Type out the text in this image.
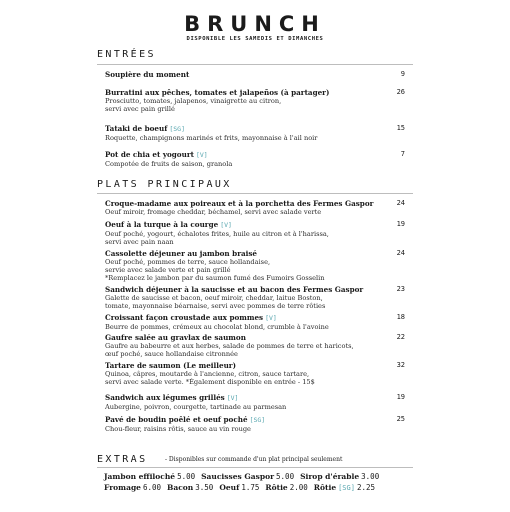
BRUNCH
DISPONIBLE LES SAMEDIS ET DIMANCHES
ENTRÉES
Soupière du moment	9
Burratini aux pêches, tomates et jalapeños (à partager)
Prosciutto, tomates, jalapenos, vinaigrette au citron,
servi avec pain grillé
26
Tataki de boeuf [SG]
Roquette, champignons marinés et frits, mayonnaise à l'ail noir
15
Pot de chia et yogourt [V]
Compotée de fruits de saison, granola
7
PLATS PRINCIPAUX
Croque-madame aux poireaux et à la porchetta des Fermes Gaspor
Oeuf miroir, fromage cheddar, béchamel, servi avec salade verte
24
Oeuf à la turque à la courge [V]
Oeuf poché, yogourt, échalotes frites, huile au citron et à l'harissa,
servi avec pain naan
19
Cassolette déjeuner au jambon braisé
Oeuf poché, pommes de terre, sauce hollandaise,
servie avec salade verte et pain grillé
*Remplacez le jambon par du saumon fumé des Fumoirs Gosselin
24
Sandwich déjeuner à la saucisse et au bacon des Fermes Gaspor
Galette de saucisse et bacon, oeuf miroir, cheddar, laitue Boston,
tomate, mayonnaise béarnaise, servi avec pommes de terre rôties
23
Croissant façon croustade aux pommes [V]
Beurre de pommes, crémeux au chocolat blond, crumble à l'avoine
18
Gaufre salée au gravlax de saumon
Gaufre au babeurre et aux herbes, salade de pommes de terre et haricots,
œuf poché, sauce hollandaise citronnée
22
Tartare de saumon (Le meilleur)
Quinoa, câpres, moutarde à l'ancienne, citron, sauce tartare,
servi avec salade verte. *Également disponible en entrée - 15$
32
Sandwich aux légumes grillés [V]
Aubergine, poivron, courgette, tartinade au parmesan
19
Pavé de boudin poêlé et oeuf poché [SG]
Chou-fleur, raisins rôtis, sauce au vin rouge
25
EXTRAS	- Disponibles sur commande d'un plat principal seulement
Jambon effiloché 5.00 Saucisses Gaspor 5.00 Sirop d'érable 3.00
Fromage 6.00 Bacon 3.50 Oeuf 1.75 Rôtie 2.00 Rôtie [SG] 2.25
